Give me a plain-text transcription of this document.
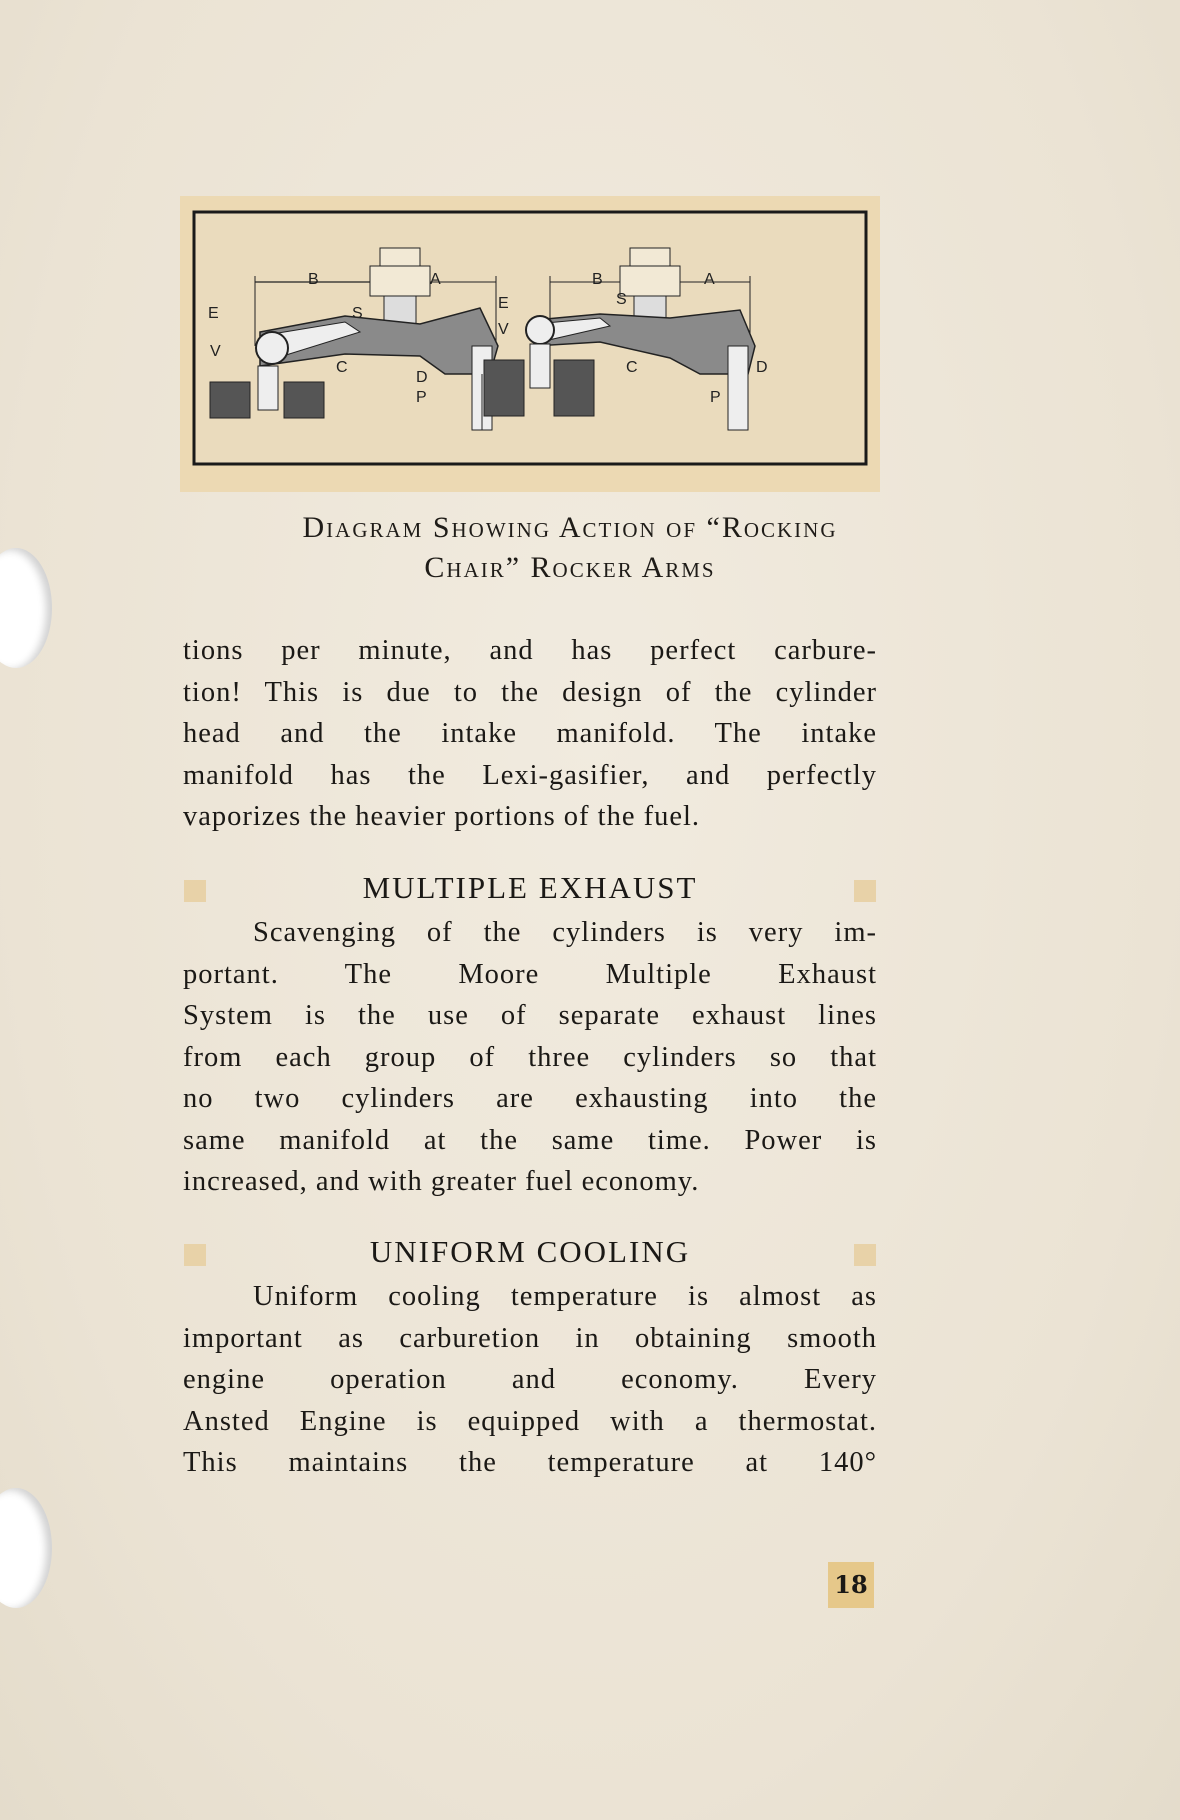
B	A
S
E
V
C
D
P
B	A
S
E
V
C	D
P
Diagram Showing Action of “Rocking
Chair” Rocker Arms
tions per minute, and has perfect carbure-
tion! This is due to the design of the cylinder
head and the intake manifold. The intake
manifold has the Lexi-gasifier, and perfectly
vaporizes the heavier portions of the fuel.
MULTIPLE EXHAUST
Scavenging of the cylinders is very im-
portant. The Moore Multiple Exhaust
System is the use of separate exhaust lines
from each group of three cylinders so that
no two cylinders are exhausting into the
same manifold at the same time. Power is
increased, and with greater fuel economy.
UNIFORM COOLING
Uniform cooling temperature is almost as
important as carburetion in obtaining smooth
engine operation and economy. Every
Ansted Engine is equipped with a thermostat.
This maintains the temperature at 140°
18
